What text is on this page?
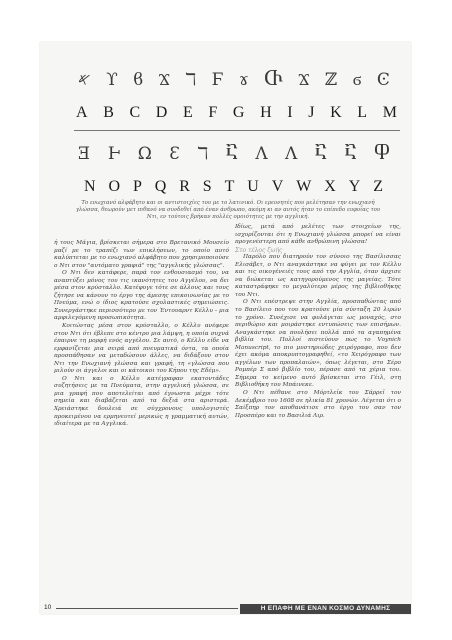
𐤀 ϒ ϐ Ϫ ℸ Ϝ ɤ Ⴇ Ϫ ℤ ϭ Ͼ
A B C D E F G H I J K L M
Ǝ Ⱶ Ω Ɛ ℸ Ⴀ Ʌ Ʌ Ⴀ Ⴀ Ⴔ
N O P Q R S T U V W X Y Z

Το ενωχιανό αλφάβητο και οι αντιστοιχίες του με το λατινικό. Οι ερευνητές που μελέτησαν την ενωχιανή γλώσσα, θεωρούν μετ πιθανό να συνδεθεί από έναν άνθρωπο, ακόμη κι αν αυτός ήταν το επίπεδο ευφυΐας του Ντι, εν τούτοις βρήκαν πολλές ομοιότητες με την αγγλική.

ή τους Μάγια, βρίσκεται σήμερα στο Βρετανικό Μουσείο μαζί με το τραπέζι των επικλήσεων, το οποίο αυτό καλύπτεται με το ενωχιανό αλφάβητο που χρησιμοποιούσε ο Ντι στον "αυτόματο γραφιά" της "αγγελικής γλώσσας".

Ο Ντι δεν κατάφερε, παρά τον ενθουσιασμό του, να αναπτύξει μόνος του τις ικανότητες του Αγγέλου, να δει μέσα στον κρύσταλλο. Κατέφυγε τότε σε άλλους και τους ζήτησε να κάνουν το έργο της άμεσης επικοινωνίας με το Πνεύμα, ενώ ο ίδιος κρατούσε σχολαστικές σημειώσεις. Συνεργάστηκε περισσότερο με τον Έντουαρντ Κέλλυ - μια αμφιλεγόμενη προσωπικότητα.

Κοιτώντας μέσα στον κρύσταλλο, ο Κέλλυ ανέφερε στον Ντι ότι έβλεπε στο κέντρο μια λάμψη, η οποία συχνά έπαιρνε τη μορφή ενός αγγέλου. Σε αυτό, ο Κέλλυ είδε να εμφανίζεται μια σειρά από πνευματικά όντα, τα οποία προσπάθησαν να μεταδώσουν άλλες, να διδάξουν στον Ντι την Ενωχιανή γλώσσα και γραφή, τη «γλώσσα που μιλούν οι άγγελοι και οι κάτοικοι του Κήπου της Εδέμ».

Ο Ντι και ο Κέλλυ κατέγραφαν εκατοντάδες συζητήσεις με τα Πνεύματα, στην αγγελική γλώσσα, σε μια γραφή που αποτελείται από έγνωστα μέχρι τότε σημεία και διαβάζεται από τα δεξιά στα αριστερά. Χρειάστηκε δουλειά σε σύγχρονους υπολογιστές προκειμένου να ερμηνευτεί μερικώς η γραμματική αυτών, ιδιαίτερα με τα Αγγλικά.

Ιδίως, μετά από μελέτες των στοιχείων της, ισχυρίζονται ότι η Ενωχιανή γλώσσα μπορεί να είναι προγενέστερη από κάθε ανθρώπινη γλώσσα!

Στο τέλος ζωής

Παρόλο που διατηρούν τον σύνοιο της Βασίλισσας Ελισάβετ, ο Ντι αναγκάστηκε να φύγει με τον Κέλλυ και τις οικογένειές τους από την Αγγλία, όταν άρχισε να διώκεται ως κατηγορούμενος της μαγείας. Τότε καταστράφηκε το μεγαλύτερο μέρος της βιβλιοθήκης του Ντι.

Ο Ντι επέστρεψε στην Αγγλία, προσπαθώντας από το Βασίλειο που του κρατούσε μία σύνταξη 20 λιρών το χρόνο. Συνέχισε να φυλάγεται ως μοναχός, στο περιθώριο και μοιράστηκε εντυπώσεις των επισήμων. Αναγκάστηκε να πουλήσει πολλά από τα αγαπημένα βιβλία του. Πολλοί πιστεύουν πως το Vοynich Manuscript, το πιο μυστηριώδες χειρόγραφο, που δεν έχει ακόμα αποκρυπτογραφηθεί, «το Χειρόγραφο των αγγέλων των προπαλαιών», όπως λέγεται, στο Σέρο Ρομπέρ Σ από βιβλίο του, πέρασε από τα χέρια του. Σήμερα το κείμενο αυτό βρίσκεται στο Γέιλ, στη Βιβλιοθήκη του Μπάινεκε.

Ο Ντι πέθανε στο Μόρτλεϊκ του Σάρρεϊ τον Δεκέμβριο του 1608 σε ηλικία 81 χρονών. Λέγεται ότι ο Σαίξπηρ τον αποθανάτισε στο έργο του σαν τον Προσπέρο και το Βασιλιά Λιρ.

10	Η ΕΠΑΦΗ ΜΕ ΕΝΑΝ ΚΟΣΜΟ ΔΥΝΑΜΗΣ
